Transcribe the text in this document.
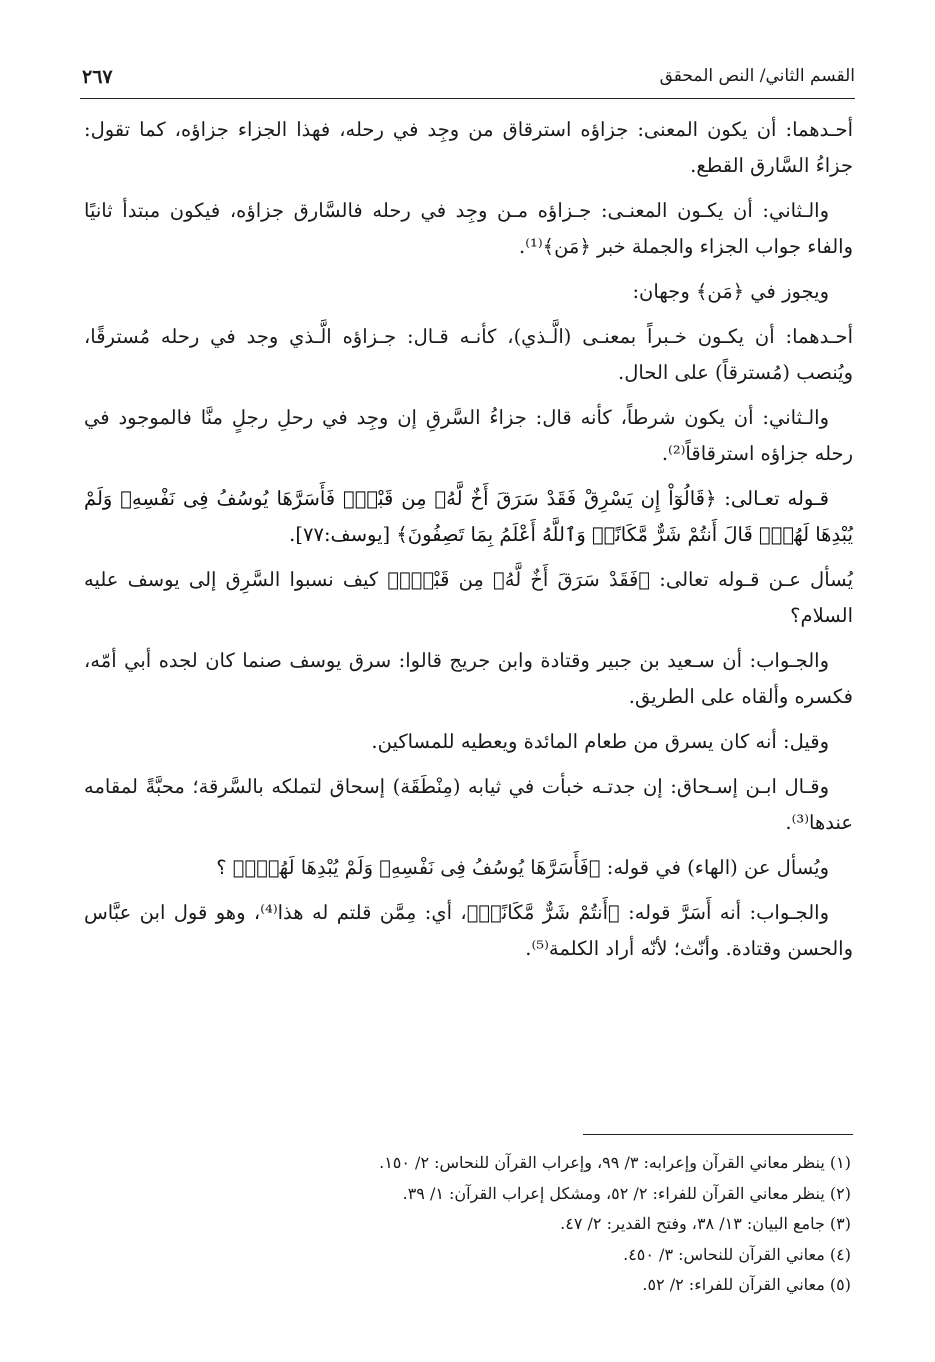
القسم الثاني/ النص المحقق
٢٦٧

أحـدهما: أن يكون المعنى: جزاؤه استرقاق من وجِد في رحله، فهذا الجزاء جزاؤه، كما تقول: جزاءُ السَّارق القطع.

والـثاني: أن يكـون المعنـى: جـزاؤه مـن وجِد في رحله فالسَّارق جزاؤه، فيكون مبتدأ ثانيًا والفاء جواب الجزاء والجملة خبر ﴿مَن﴾⁽¹⁾.

ويجوز في ﴿مَن﴾ وجهان:

أحـدهما: أن يكـون خـبراً بمعنـى (الَّـذي)، كأنـه قـال: جـزاؤه الَّـذي وجد في رحله مُسترقًا، ويُنصب (مُسترقاً) على الحال.

والـثاني: أن يكون شرطاً، كأنه قال: جزاءُ السَّرقِ إن وجِد في رحلِ رجلٍ منَّا فالموجود في رحله جزاؤه استرقاقاً⁽²⁾.

قـوله تعـالى: ﴿قَالُوٓاْ إِن يَسْرِقْ فَقَدْ سَرَقَ أَخٌ لَّهُۥ مِن قَبْلُۚ فَأَسَرَّهَا يُوسُفُ فِى نَفْسِهِۦ وَلَمْ يُبْدِهَا لَهُمْۚ قَالَ أَنتُمْ شَرٌّ مَّكَانًاۖ وَٱللَّهُ أَعْلَمُ بِمَا تَصِفُونَ﴾ [يوسف:٧٧].

يُسأل عـن قـوله تعالى: ﴿فَقَدْ سَرَقَ أَخٌ لَّهُۥ مِن قَبْلُۚ﴾ كيف نسبوا السَّرِق إلى يوسف عليه السلام؟

والجـواب: أن سـعيد بن جبير وقتادة وابن جريج قالوا: سرق يوسف صنما كان لجده أبي أمّه، فكسره وألقاه على الطريق.

وقيل: أنه كان يسرق من طعام المائدة ويعطيه للمساكين.

وقـال ابـن إسـحاق: إن جدتـه خبأت في ثيابه (مِنْطَقَة) إسحاق لتملكه بالسَّرقة؛ محبَّةً لمقامه عندها⁽³⁾.

ويُسأل عن (الهاء) في قوله: ﴿فَأَسَرَّهَا يُوسُفُ فِى نَفْسِهِۦ وَلَمْ يُبْدِهَا لَهُمْۚ﴾ ؟

والجـواب: أنه أَسَرَّ قوله: ﴿أَنتُمْ شَرٌّ مَّكَانًاۖ﴾، أي: مِمَّن قلتم له هذا⁽⁴⁾، وهو قول ابن عبَّاس والحسن وقتادة. وأنّث؛ لأنّه أراد الكلمة⁽⁵⁾.

(١) ينظر معاني القرآن وإعرابه: ٣/ ٩٩، وإعراب القرآن للنحاس: ٢/ ١٥٠.

(٢) ينظر معاني القرآن للفراء: ٢/ ٥٢، ومشكل إعراب القرآن: ١/ ٣٩.

(٣) جامع البيان: ١٣/ ٣٨، وفتح القدير: ٢/ ٤٧.

(٤) معاني القرآن للنحاس: ٣/ ٤٥٠.

(٥) معاني القرآن للفراء: ٢/ ٥٢.
